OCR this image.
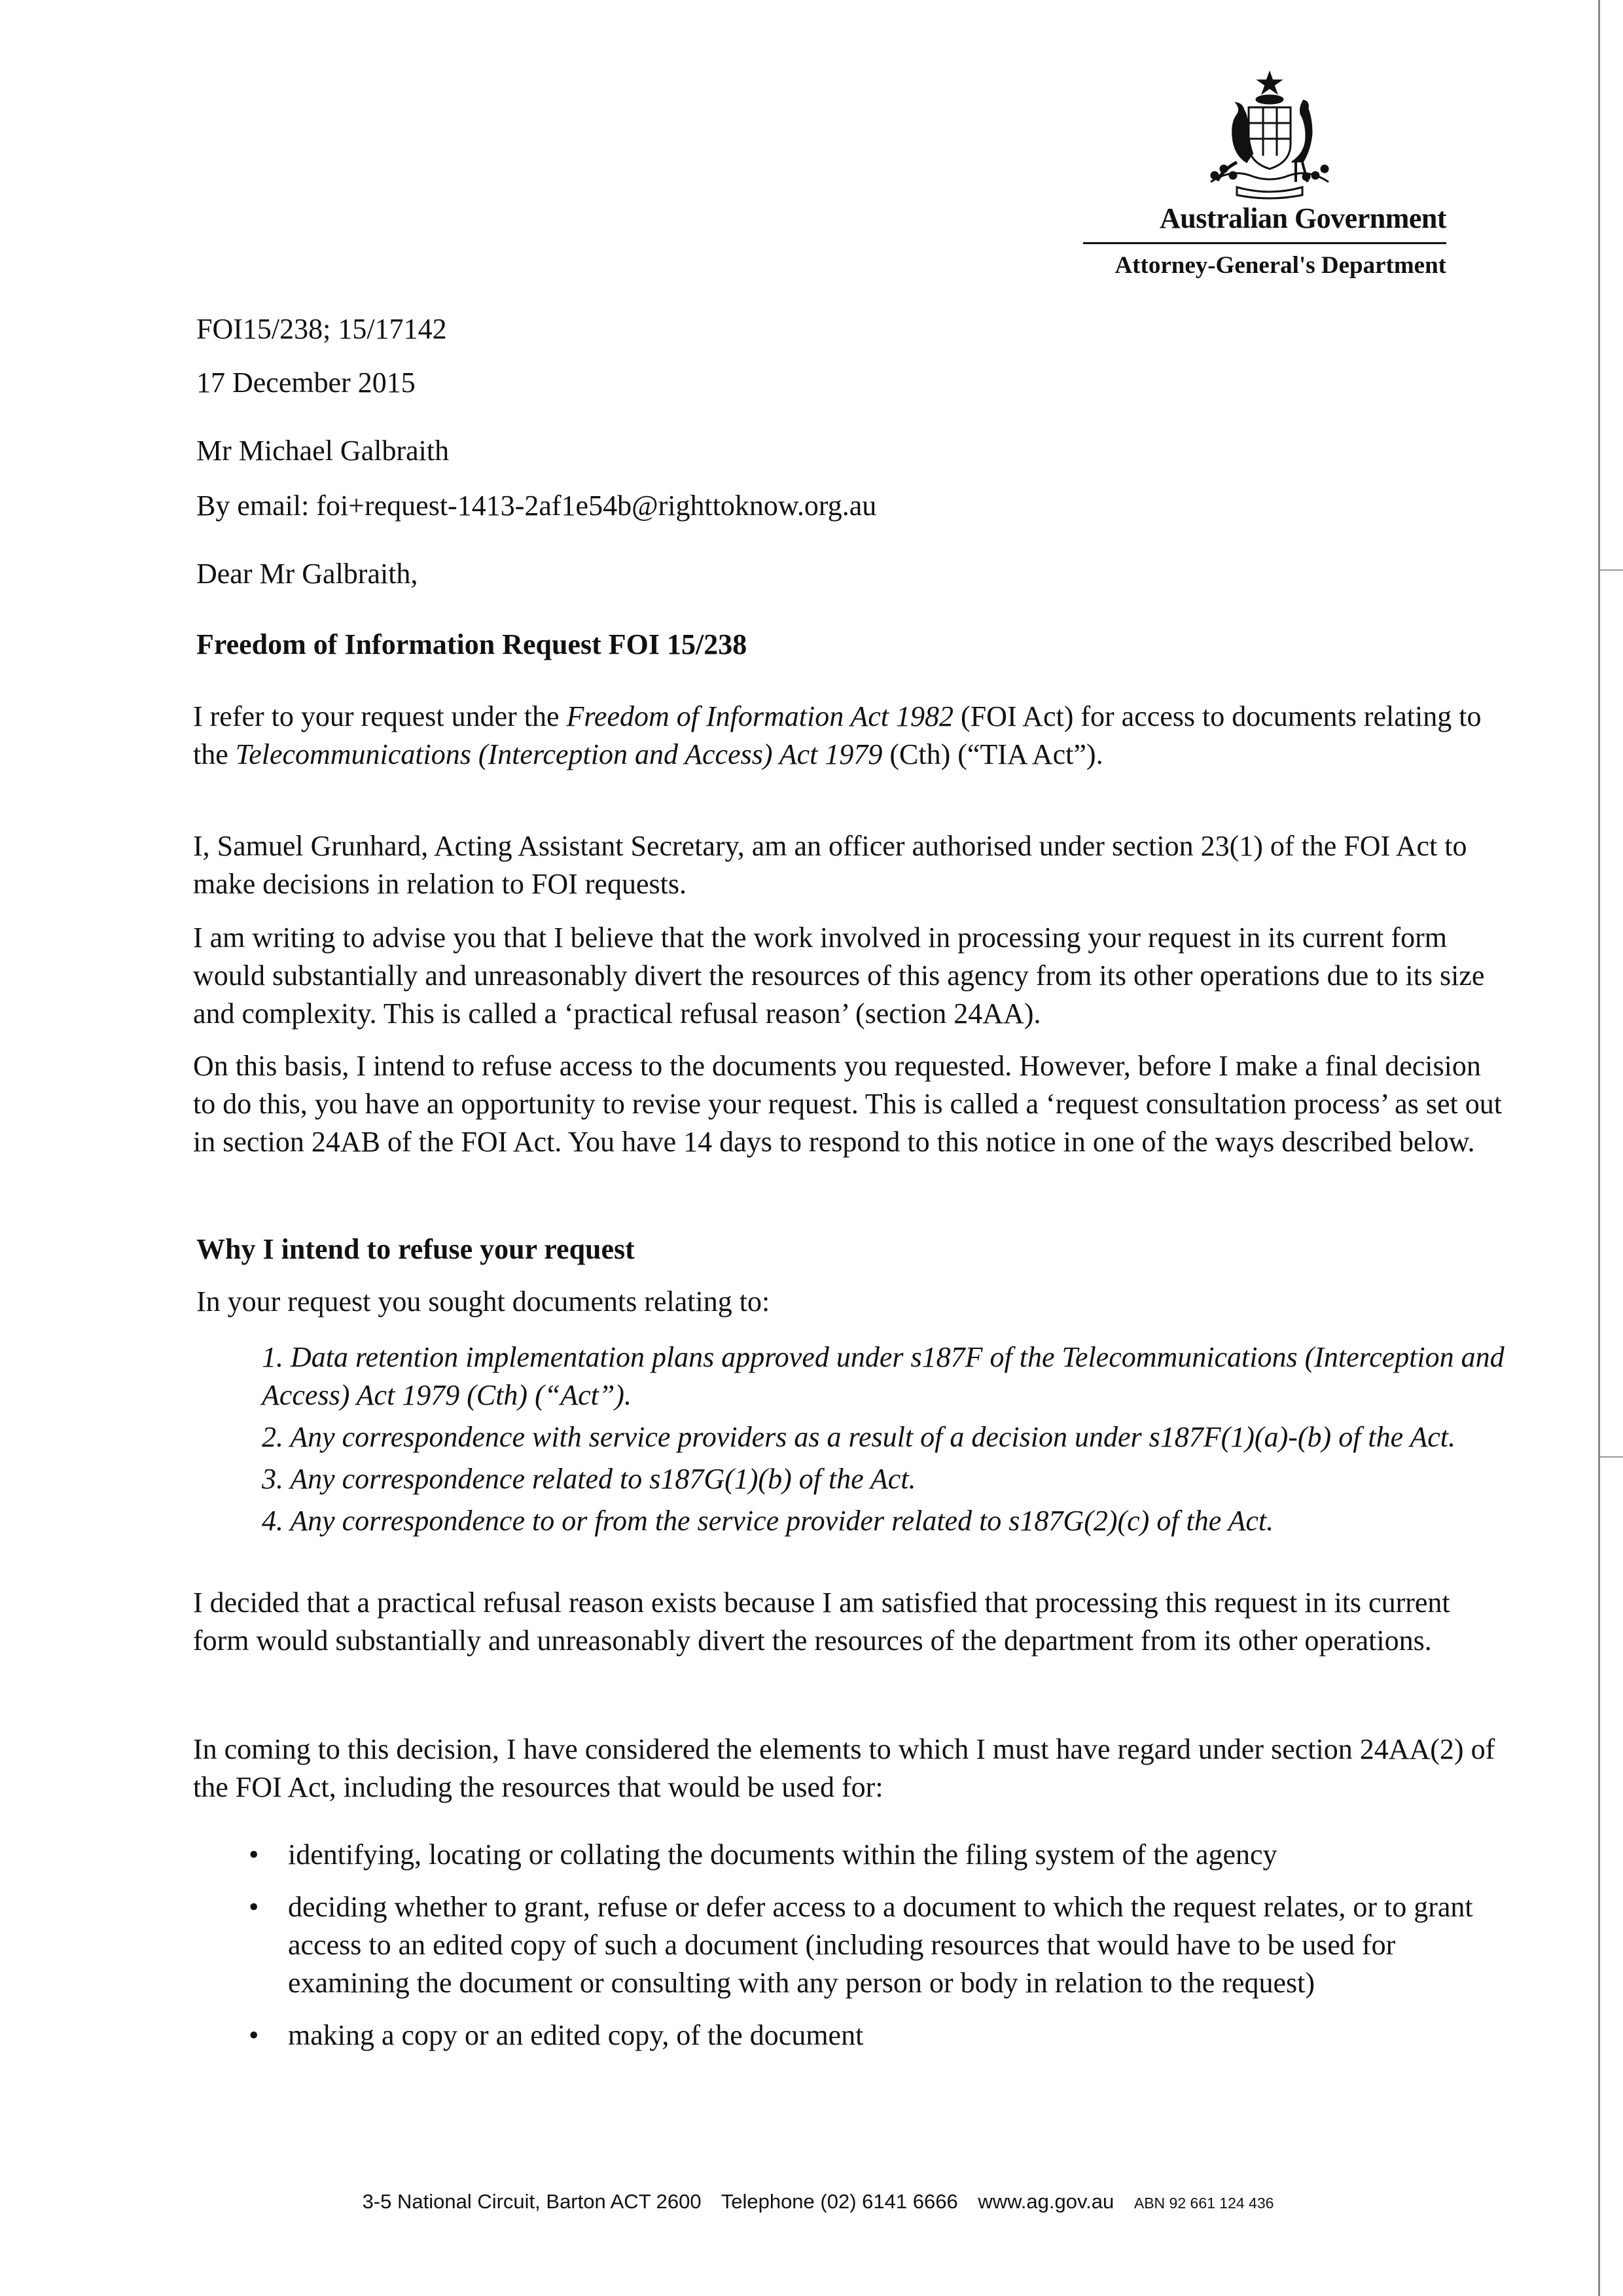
Australian Government
Attorney-General's Department
FOI15/238; 15/17142
17 December 2015
Mr Michael Galbraith
By email: foi+request-1413-2af1e54b@righttoknow.org.au
Dear Mr Galbraith,
Freedom of Information Request FOI 15/238

I refer to your request under the Freedom of Information Act 1982 (FOI Act) for access to documents relating to the Telecommunications (Interception and Access) Act 1979 (Cth) (“TIA Act”).

I, Samuel Grunhard, Acting Assistant Secretary, am an officer authorised under section 23(1) of the FOI Act to make decisions in relation to FOI requests.
I am writing to advise you that I believe that the work involved in processing your request in its current form would substantially and unreasonably divert the resources of this agency from its other operations due to its size and complexity. This is called a ‘practical refusal reason’ (section 24AA).
On this basis, I intend to refuse access to the documents you requested. However, before I make a final decision to do this, you have an opportunity to revise your request. This is called a ‘request consultation process’ as set out in section 24AB of the FOI Act. You have 14 days to respond to this notice in one of the ways described below.
Why I intend to refuse your request
In your request you sought documents relating to:
1. Data retention implementation plans approved under s187F of the Telecommunications (Interception and Access) Act 1979 (Cth) (“Act”).
2. Any correspondence with service providers as a result of a decision under s187F(1)(a)-(b) of the Act.
3. Any correspondence related to s187G(1)(b) of the Act.
4. Any correspondence to or from the service provider related to s187G(2)(c) of the Act.
I decided that a practical refusal reason exists because I am satisfied that processing this request in its current form would substantially and unreasonably divert the resources of the department from its other operations.
In coming to this decision, I have considered the elements to which I must have regard under section 24AA(2) of the FOI Act, including the resources that would be used for:
• identifying, locating or collating the documents within the filing system of the agency
• deciding whether to grant, refuse or defer access to a document to which the request relates, or to grant access to an edited copy of such a document (including resources that would have to be used for examining the document or consulting with any person or body in relation to the request)
• making a copy or an edited copy, of the document
3-5 National Circuit, Barton ACT 2600 Telephone (02) 6141 6666 www.ag.gov.au ABN 92 661 124 436
